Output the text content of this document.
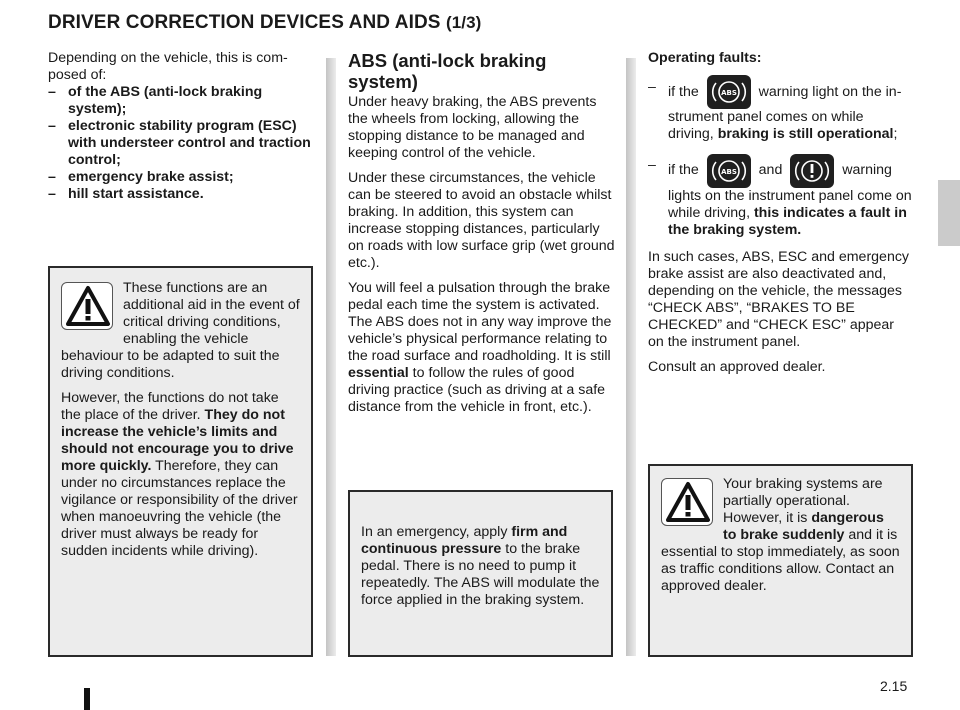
DRIVER CORRECTION DEVICES AND AIDS (1/3)

Depending on the vehicle, this is com-

posed of:

– of the ABS (anti-lock braking system);
– electronic stability program (ESC) with understeer control and traction control;
– emergency brake assist;
– hill start assistance.

These functions are an additional aid in the event of critical driving conditions, enabling the vehicle behaviour to be adapted to suit the driving conditions.

However, the functions do not take the place of the driver. They do not increase the vehicle’s limits and should not encourage you to drive more quickly. Therefore, they can under no circumstances replace the vigilance or responsibility of the driver when manoeuvring the vehicle (the driver must always be ready for sudden incidents while driving).

ABS (anti-lock braking
system)

Under heavy braking, the ABS prevents the wheels from locking, allowing the stopping distance to be managed and keeping control of the vehicle.

Under these circumstances, the vehicle can be steered to avoid an obstacle whilst braking. In addition, this system can increase stopping distances, particularly on roads with low surface grip (wet ground etc.).

You will feel a pulsation through the brake pedal each time the system is activated. The ABS does not in any way improve the vehicle’s physical performance relating to the road surface and roadholding. It is still essential to follow the rules of good driving practice (such as driving at a safe distance from the vehicle in front, etc.).

In an emergency, apply firm and continuous pressure to the brake pedal. There is no need to pump it repeatedly. The ABS will modulate the force applied in the braking system.

Operating faults:

– if the	ABS warning light on the in-
strument panel comes on while driving, braking is still operational;
– if the	ABS and	warning
lights on the instrument panel come on while driving, this indicates a fault in the braking system.

In such cases, ABS, ESC and emergency brake assist are also deactivated and, depending on the vehicle, the messages “CHECK ABS”, “BRAKES TO BE CHECKED” and “CHECK ESC” appear on the instrument panel.

Consult an approved dealer.

Your braking systems are partially operational. However, it is dangerous to brake suddenly and it is essential to stop immediately, as soon as traffic conditions allow. Contact an approved dealer.

2.15
